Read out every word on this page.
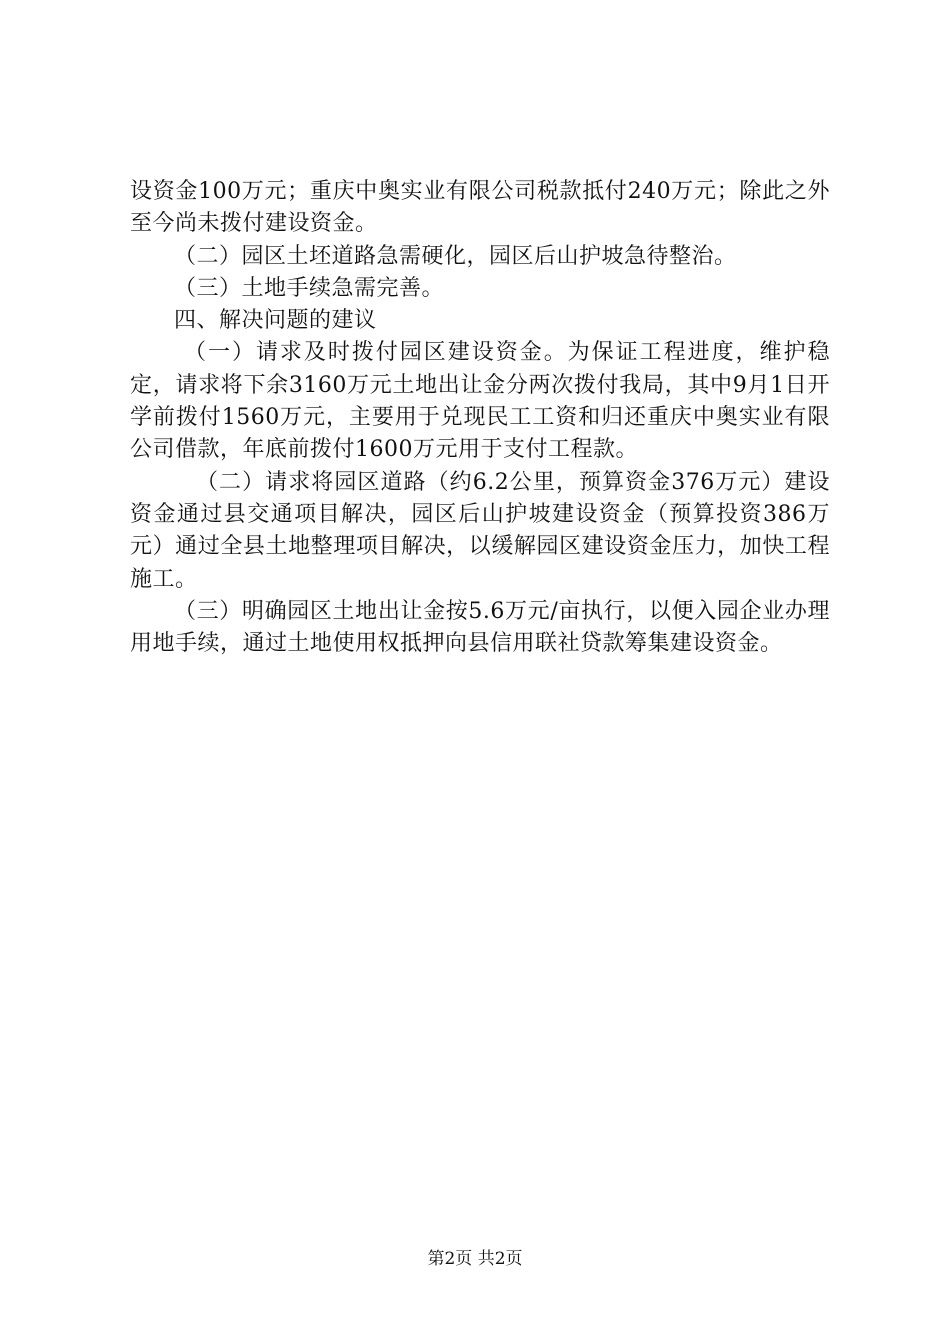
设资金100万元；重庆中奥实业有限公司税款抵付240万元；除此之外至今尚未拨付建设资金。

（二）园区土坯道路急需硬化，园区后山护坡急待整治。

（三）土地手续急需完善。

四、解决问题的建议

（一）请求及时拨付园区建设资金。为保证工程进度，维护稳定，请求将下余3160万元土地出让金分两次拨付我局，其中9月1日开学前拨付1560万元，主要用于兑现民工工资和归还重庆中奥实业有限公司借款，年底前拨付1600万元用于支付工程款。

（二）请求将园区道路（约6.2公里，预算资金376万元）建设资金通过县交通项目解决，园区后山护坡建设资金（预算投资386万元）通过全县土地整理项目解决，以缓解园区建设资金压力，加快工程施工。

（三）明确园区土地出让金按5.6万元/亩执行，以便入园企业办理用地手续，通过土地使用权抵押向县信用联社贷款筹集建设资金。

第2页 共2页
